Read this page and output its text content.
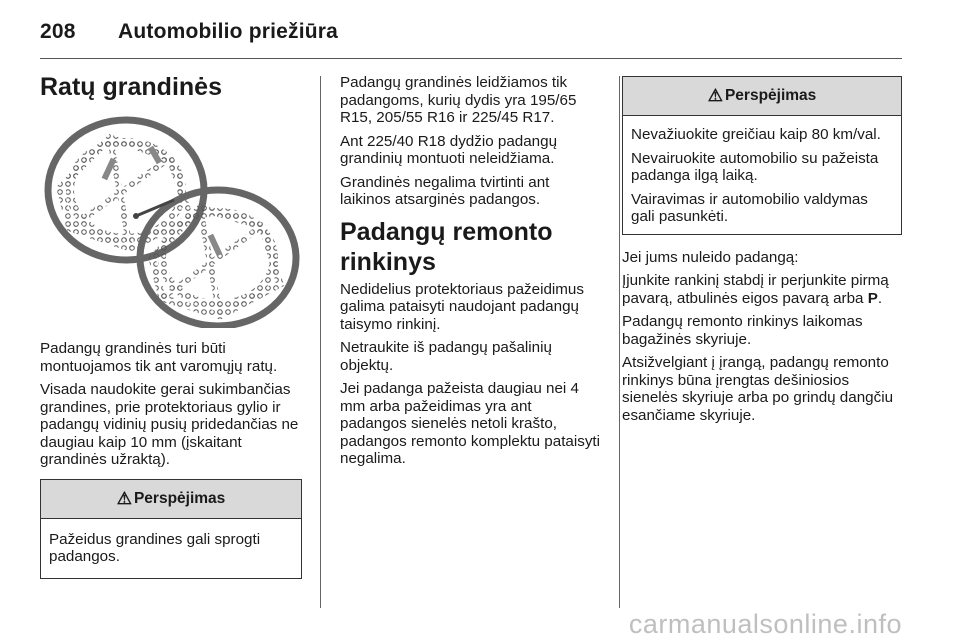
208 Automobilio priežiūra
Ratų grandinės

Padangų grandinės turi būti montuojamos tik ant varomųjų ratų.

Visada naudokite gerai sukimbančias grandines, prie protektoriaus gylio ir padangų vidinių pusių pridedančias ne daugiau kaip 10 mm (įskaitant grandinės užraktą).

⚠ Perspėjimas

Pažeidus grandines gali sprogti padangos.

Padangų grandinės leidžiamos tik padangoms, kurių dydis yra 195/65 R15, 205/55 R16 ir 225/45 R17.

Ant 225/40 R18 dydžio padangų grandinių montuoti neleidžiama.

Grandinės negalima tvirtinti ant laikinos atsarginės padangos.

Padangų remonto rinkinys

Nedidelius protektoriaus pažeidimus galima pataisyti naudojant padangų taisymo rinkinį.

Netraukite iš padangų pašalinių objektų.

Jei padanga pažeista daugiau nei 4 mm arba pažeidimas yra ant padangos sienelės netoli krašto, padangos remonto komplektu pataisyti negalima.

⚠ Perspėjimas

Nevažiuokite greičiau kaip 80 km/val.

Nevairuokite automobilio su pažeista padanga ilgą laiką.

Vairavimas ir automobilio valdymas gali pasunkėti.

Jei jums nuleido padangą:

Įjunkite rankinį stabdį ir perjunkite pirmą pavarą, atbulinės eigos pavarą arba P.

Padangų remonto rinkinys laikomas bagažinės skyriuje.

Atsižvelgiant į įrangą, padangų remonto rinkinys būna įrengtas dešiniosios sienelės skyriuje arba po grindų dangčiu esančiame skyriuje.

carmanualsonline.info
